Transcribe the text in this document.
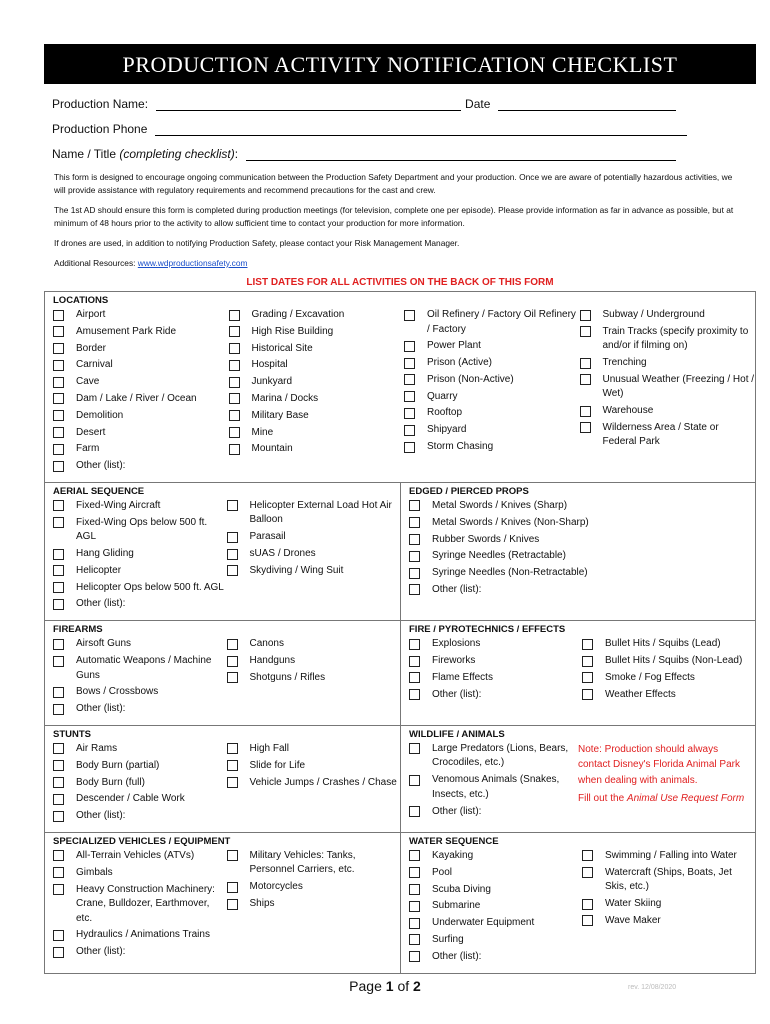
PRODUCTION ACTIVITY NOTIFICATION CHECKLIST
Production Name:	Date
Production Phone
Name / Title (completing checklist):

This form is designed to encourage ongoing communication between the Production Safety Department and your production. Once we are aware of potentially hazardous activities, we will provide assistance with regulatory requirements and recommend precautions for the cast and crew.

The 1st AD should ensure this form is completed during production meetings (for television, complete one per episode). Please provide information as far in advance as possible, but at minimum of 48 hours prior to the activity to allow sufficient time to contact your production for more information.

If drones are used, in addition to notifying Production Safety, please contact your Risk Management Manager.

Additional Resources: www.wdproductionsafety.com

LIST DATES FOR ALL ACTIVITIES ON THE BACK OF THIS FORM
LOCATIONS
Airport
Amusement Park Ride
Border
Carnival
Cave
Dam / Lake / River / Ocean
Demolition
Desert
Farm
Other (list):
Grading / Excavation
High Rise Building
Historical Site
Hospital
Junkyard
Marina / Docks
Military Base
Mine
Mountain
Oil Refinery / Factory Oil Refinery / Factory
Power Plant
Prison (Active)
Prison (Non-Active)
Quarry
Rooftop
Shipyard
Storm Chasing
Subway / Underground
Train Tracks (specify proximity to and/or if filming on)
Trenching
Unusual Weather (Freezing / Hot / Wet)
Warehouse
Wilderness Area / State or Federal Park
AERIAL SEQUENCE
Fixed-Wing Aircraft
Fixed-Wing Ops below 500 ft. AGL
Hang Gliding
Helicopter
Helicopter Ops below 500 ft. AGL
Other (list):
Helicopter External Load Hot Air Balloon
Parasail
sUAS / Drones
Skydiving / Wing Suit
EDGED / PIERCED PROPS
Metal Swords / Knives (Sharp)
Metal Swords / Knives (Non-Sharp)
Rubber Swords / Knives
Syringe Needles (Retractable)
Syringe Needles (Non-Retractable)
Other (list):
FIREARMS
Airsoft Guns
Automatic Weapons / Machine Guns
Bows / Crossbows
Other (list):
Canons
Handguns
Shotguns / Rifles
FIRE / PYROTECHNICS / EFFECTS
Explosions
Fireworks
Flame Effects
Other (list):
Bullet Hits / Squibs (Lead)
Bullet Hits / Squibs (Non-Lead)
Smoke / Fog Effects
Weather Effects
STUNTS
Air Rams
Body Burn (partial)
Body Burn (full)
Descender / Cable Work
Other (list):
High Fall
Slide for Life
Vehicle Jumps / Crashes / Chase
WILDLIFE / ANIMALS
Large Predators (Lions, Bears, Crocodiles, etc.)
Venomous Animals (Snakes, Insects, etc.)
Other (list):

Note: Production should always contact Disney's Florida Animal Park when dealing with animals.

Fill out the Animal Use Request Form

SPECIALIZED VEHICLES / EQUIPMENT
All-Terrain Vehicles (ATVs)
Gimbals
Heavy Construction Machinery: Crane, Bulldozer, Earthmover, etc.
Hydraulics / Animations Trains
Other (list):
Military Vehicles: Tanks, Personnel Carriers, etc.
Motorcycles
Ships
WATER SEQUENCE
Kayaking
Pool
Scuba Diving
Submarine
Underwater Equipment
Surfing
Other (list):
Swimming / Falling into Water
Watercraft (Ships, Boats, Jet Skis, etc.)
Water Skiing
Wave Maker
Page 1 of 2	rev. 12/08/2020
